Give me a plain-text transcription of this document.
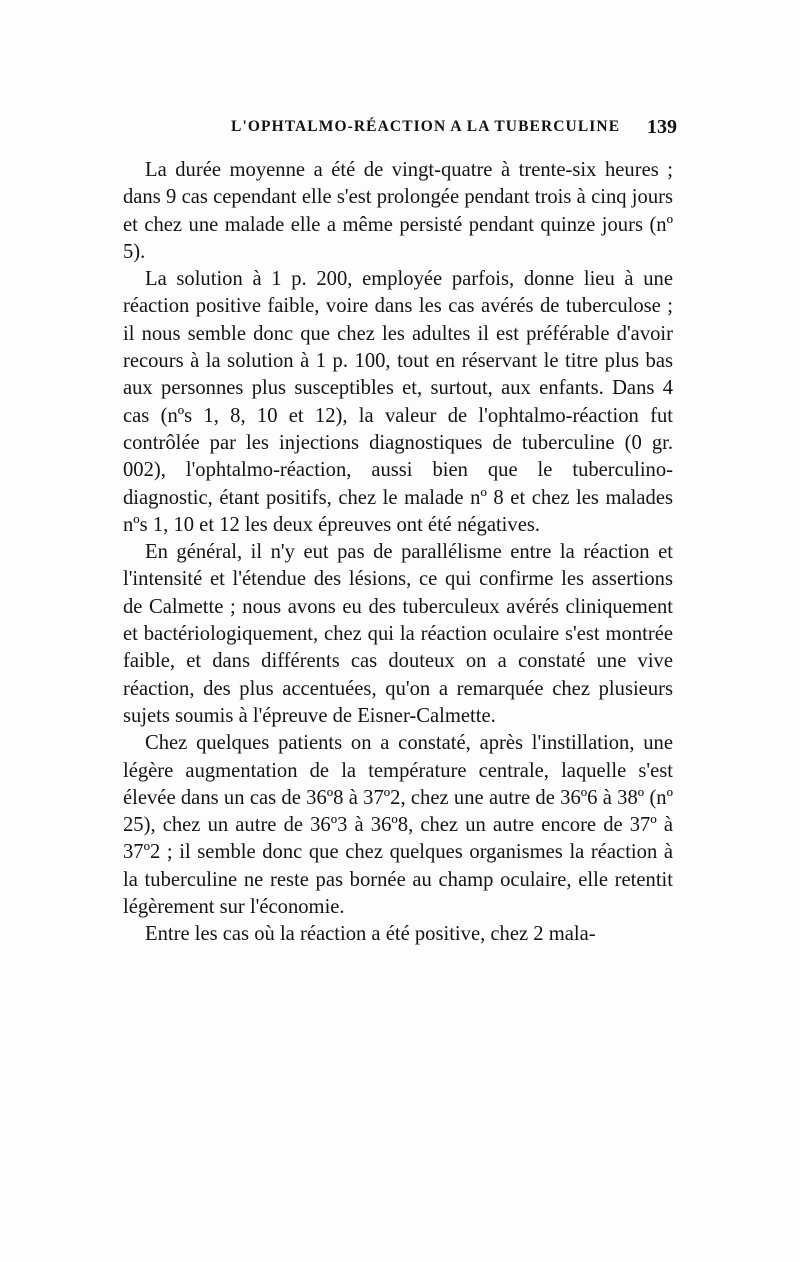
L'OPHTALMO-RÉACTION A LA TUBERCULINE 139

La durée moyenne a été de vingt-quatre à trente-six heures ; dans 9 cas cependant elle s'est prolongée pendant trois à cinq jours et chez une malade elle a même persisté pendant quinze jours (nº 5).

La solution à 1 p. 200, employée parfois, donne lieu à une réaction positive faible, voire dans les cas avérés de tuberculose ; il nous semble donc que chez les adultes il est préférable d'avoir recours à la solution à 1 p. 100, tout en réservant le titre plus bas aux personnes plus susceptibles et, surtout, aux enfants. Dans 4 cas (nºs 1, 8, 10 et 12), la valeur de l'ophtalmo-réaction fut contrôlée par les injections diagnostiques de tuberculine (0 gr. 002), l'ophtalmo-réaction, aussi bien que le tuberculino-diagnostic, étant positifs, chez le malade nº 8 et chez les malades nºs 1, 10 et 12 les deux épreuves ont été négatives.

En général, il n'y eut pas de parallélisme entre la réaction et l'intensité et l'étendue des lésions, ce qui confirme les assertions de Calmette ; nous avons eu des tuberculeux avérés cliniquement et bactériologiquement, chez qui la réaction oculaire s'est montrée faible, et dans différents cas douteux on a constaté une vive réaction, des plus accentuées, qu'on a remarquée chez plusieurs sujets soumis à l'épreuve de Eisner-Calmette.

Chez quelques patients on a constaté, après l'instillation, une légère augmentation de la température centrale, laquelle s'est élevée dans un cas de 36º8 à 37º2, chez une autre de 36º6 à 38º (nº 25), chez un autre de 36º3 à 36º8, chez un autre encore de 37º à 37º2 ; il semble donc que chez quelques organismes la réaction à la tuberculine ne reste pas bornée au champ oculaire, elle retentit légèrement sur l'économie.

Entre les cas où la réaction a été positive, chez 2 mala-
